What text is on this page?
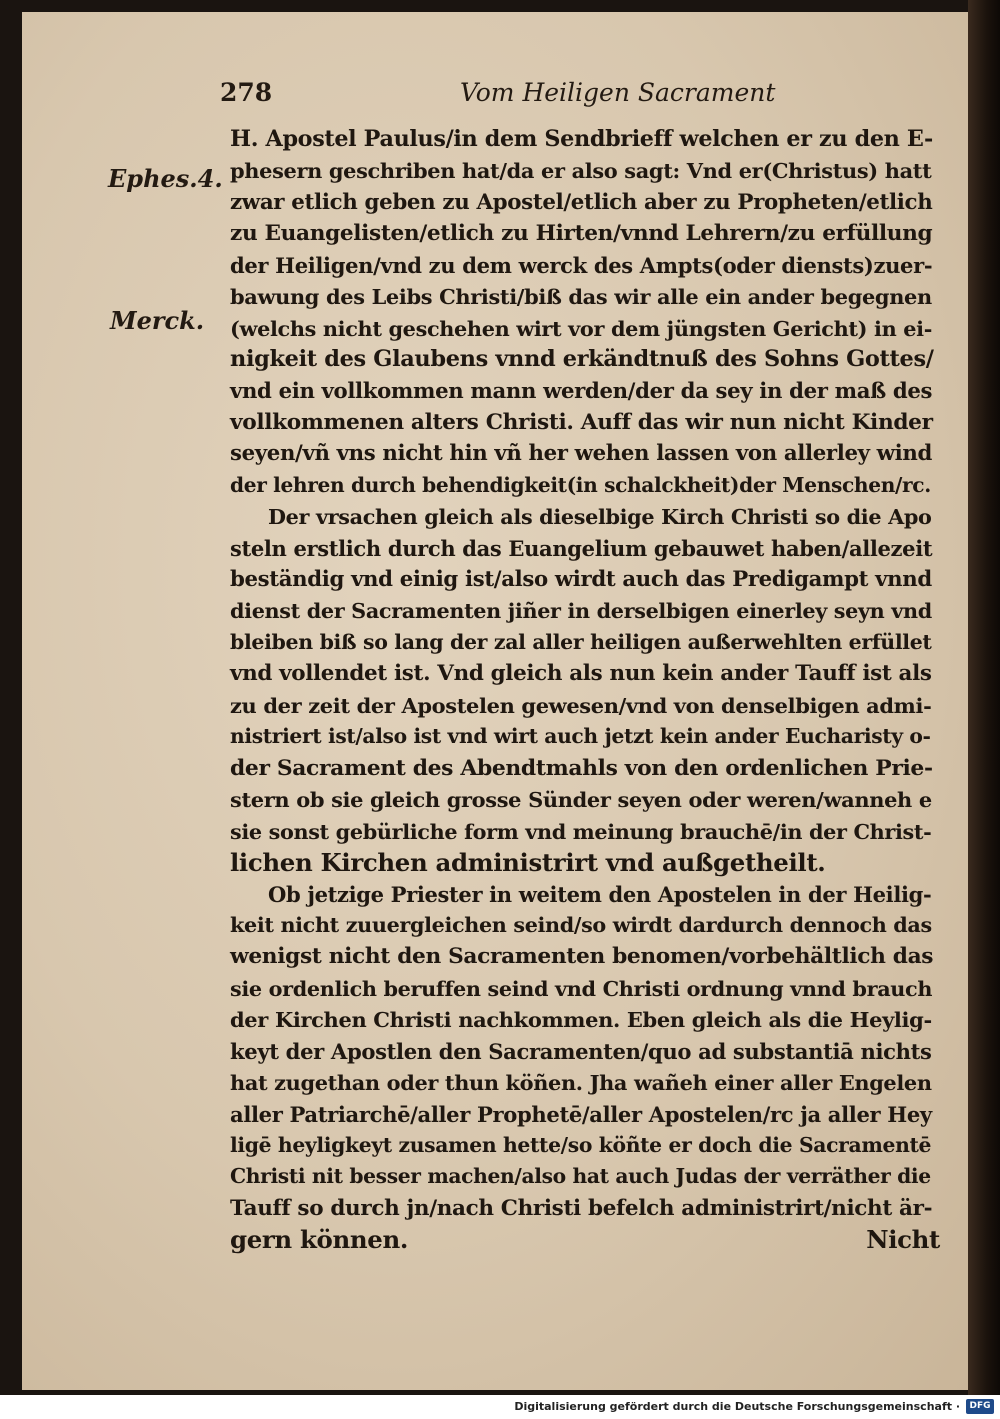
278	Vom Heiligen Sacrament
Ephes.4.
Merck.
H. Apostel Paulus/in dem Sendbrieff welchen er zu den E-
phesern geschriben hat/da er also sagt: Vnd er(Christus) hatt
zwar etlich geben zu Apostel/etlich aber zu Propheten/etlich
zu Euangelisten/etlich zu Hirten/vnnd Lehrern/zu erfüllung
der Heiligen/vnd zu dem werck des Ampts(oder diensts)zuer-
bawung des Leibs Christi/biß das wir alle ein ander begegnen
(welchs nicht geschehen wirt vor dem jüngsten Gericht) in ei-
nigkeit des Glaubens vnnd erkändtnuß des Sohns Gottes/
vnd ein vollkommen mann werden/der da sey in der maß des
vollkommenen alters Christi. Auff das wir nun nicht Kinder
seyen/vñ vns nicht hin vñ her wehen lassen von allerley wind
der lehren durch behendigkeit(in schalckheit)der Menschen/rc.
Der vrsachen gleich als dieselbige Kirch Christi so die Apo
steln erstlich durch das Euangelium gebauwet haben/allezeit
beständig vnd einig ist/also wirdt auch das Predigampt vnnd
dienst der Sacramenten jiñer in derselbigen einerley seyn vnd
bleiben biß so lang der zal aller heiligen außerwehlten erfüllet
vnd vollendet ist. Vnd gleich als nun kein ander Tauff ist als
zu der zeit der Apostelen gewesen/vnd von denselbigen admi-
nistriert ist/also ist vnd wirt auch jetzt kein ander Eucharisty o-
der Sacrament des Abendtmahls von den ordenlichen Prie-
stern ob sie gleich grosse Sünder seyen oder weren/wanneh e
sie sonst gebürliche form vnd meinung brauchē/in der Christ-
lichen Kirchen administrirt vnd außgetheilt.
Ob jetzige Priester in weitem den Apostelen in der Heilig-
keit nicht zuuergleichen seind/so wirdt dardurch dennoch das
wenigst nicht den Sacramenten benomen/vorbehältlich das
sie ordenlich beruffen seind vnd Christi ordnung vnnd brauch
der Kirchen Christi nachkommen. Eben gleich als die Heylig-
keyt der Apostlen den Sacramenten/quo ad substantiā nichts
hat zugethan oder thun köñen. Jha wañeh einer aller Engelen
aller Patriarchē/aller Prophetē/aller Apostelen/rc ja aller Hey
ligē heyligkeyt zusamen hette/so köñte er doch die Sacramentē
Christi nit besser machen/also hat auch Judas der verräther die
Tauff so durch jn/nach Christi befelch administrirt/nicht är-
gern können.	Nicht
Digitalisierung gefördert durch die Deutsche Forschungsgemeinschaft ·	DFG
